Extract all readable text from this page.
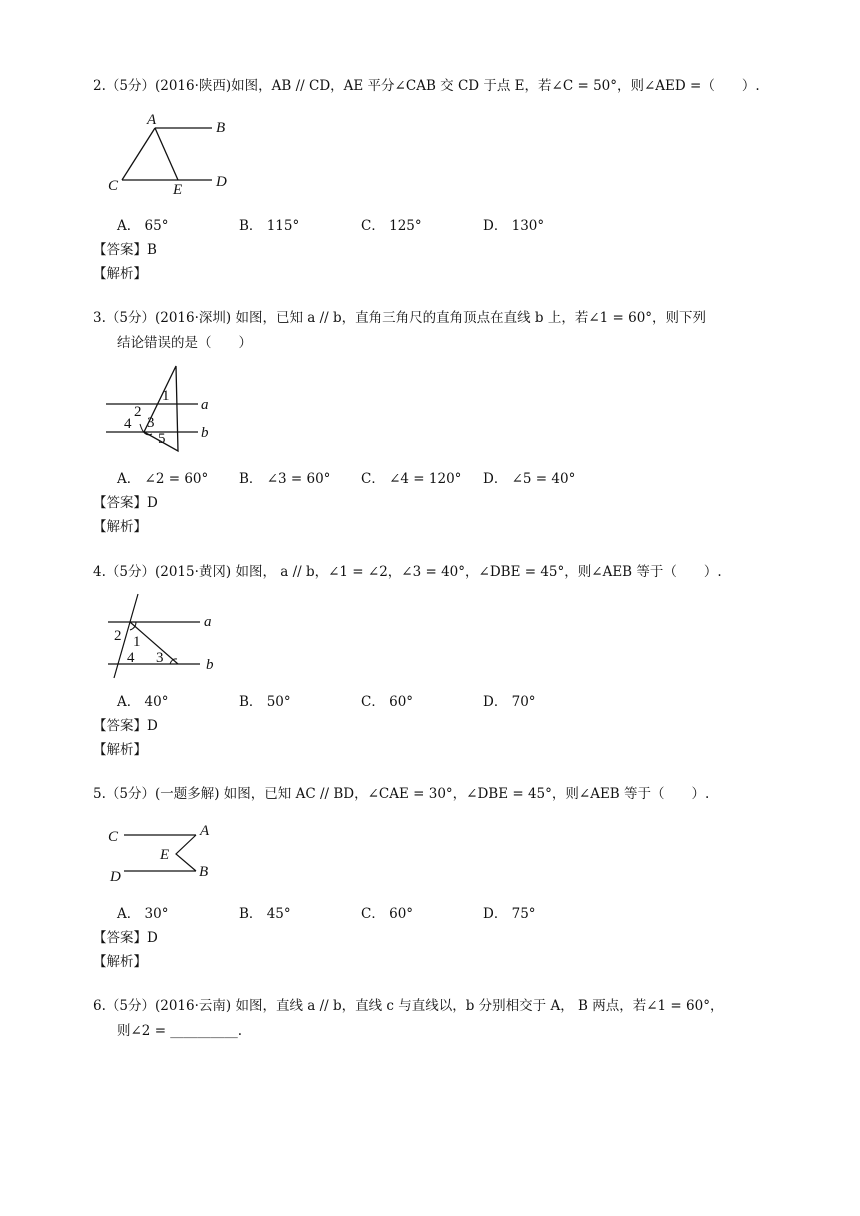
2.（5分）(2016·陕西)如图，AB // CD，AE 平分∠CAB 交 CD 于点 E，若∠C = 50°，则∠AED =（　　）.

A	B
C	D
E
A． 65°	B． 115°	C． 125°	D． 130°
【答案】B
【解析】

3.（5分）(2016·深圳) 如图，已知 a // b，直角三角尺的直角顶点在直线 b 上，若∠1 = 60°，则下列

结论错误的是（　　）

1
2
3
4
5
a
b
A． ∠2 = 60°	B． ∠3 = 60°	C． ∠4 = 120°	D． ∠5 = 40°
【答案】D
【解析】

4.（5分）(2015·黄冈) 如图， a // b，∠1 = ∠2，∠3 = 40°，∠DBE = 45°，则∠AEB 等于（　　）.

2 1
4 3
a
b
A． 40°	B． 50°	C． 60°	D． 70°
【答案】D
【解析】

5.（5分）(一题多解) 如图，已知 AC // BD，∠CAE = 30°，∠DBE = 45°，则∠AEB 等于（　　）.

C	A
E
D	B
A． 30°	B． 45°	C． 60°	D． 75°
【答案】D
【解析】

6.（5分）(2016·云南) 如图，直线 a // b，直线 c 与直线以，b 分别相交于 A， B 两点，若∠1 = 60°，

则∠2 = __________.
